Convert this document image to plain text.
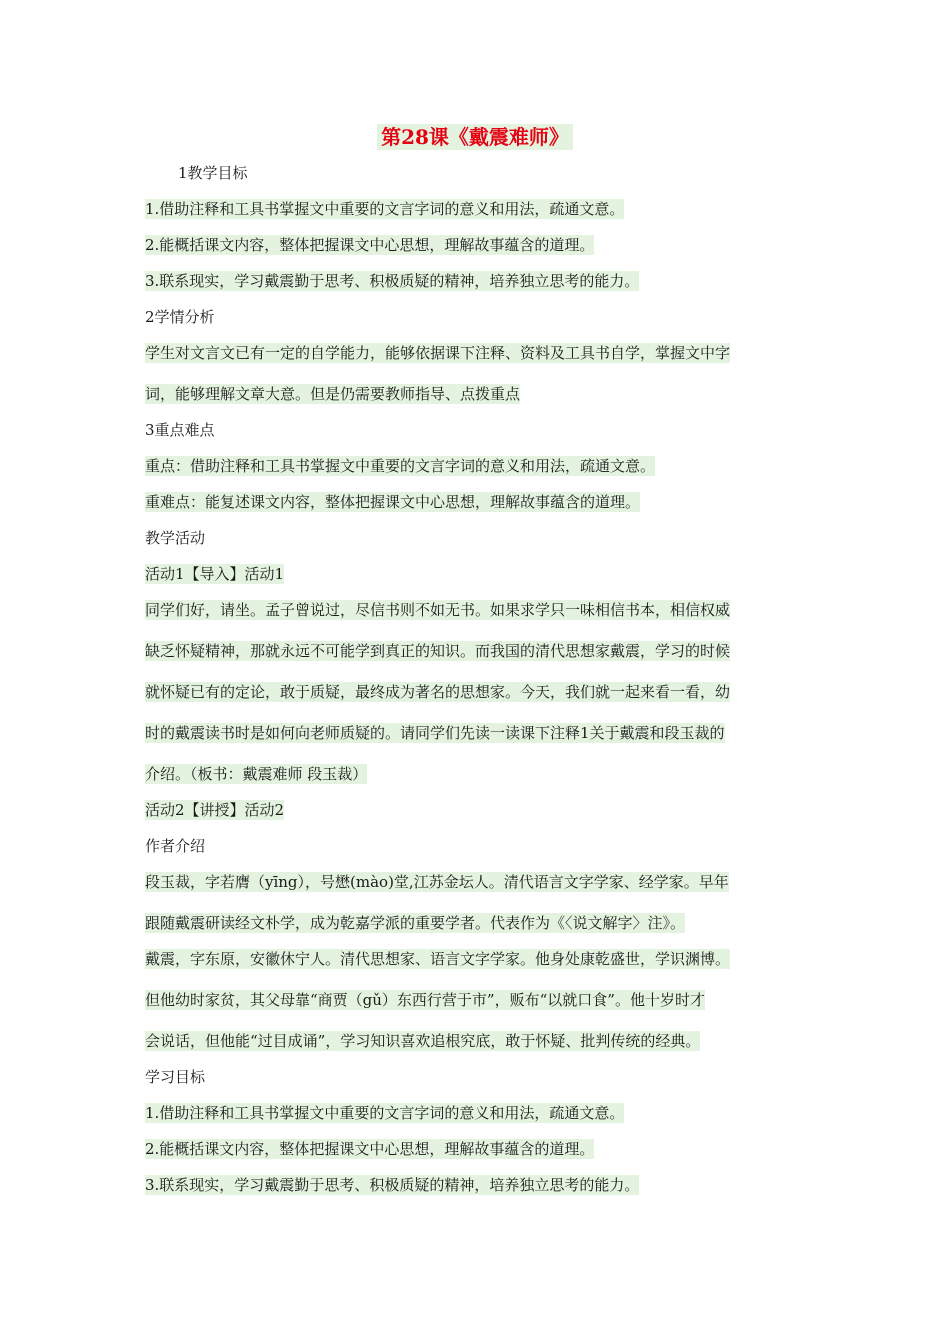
第28课《戴震难师》
1教学目标
1.借助注释和工具书掌握文中重要的文言字词的意义和用法，疏通文意。
2.能概括课文内容，整体把握课文中心思想，理解故事蕴含的道理。
3.联系现实，学习戴震勤于思考、积极质疑的精神，培养独立思考的能力。
2学情分析
学生对文言文已有一定的自学能力，能够依据课下注释、资料及工具书自学，掌握文中字
词，能够理解文章大意。但是仍需要教师指导、点拨重点
3重点难点
重点：借助注释和工具书掌握文中重要的文言字词的意义和用法，疏通文意。
重难点：能复述课文内容，整体把握课文中心思想，理解故事蕴含的道理。
教学活动
活动1【导入】活动1
同学们好，请坐。孟子曾说过，尽信书则不如无书。如果求学只一味相信书本，相信权威
缺乏怀疑精神，那就永远不可能学到真正的知识。而我国的清代思想家戴震，学习的时候
就怀疑已有的定论，敢于质疑，最终成为著名的思想家。今天，我们就一起来看一看，幼
时的戴震读书时是如何向老师质疑的。请同学们先读一读课下注释1关于戴震和段玉裁的
介绍。（板书：戴震难师 段玉裁）
活动2【讲授】活动2
作者介绍
段玉裁，字若膺（yīng），号懋(mào)堂,江苏金坛人。清代语言文字学家、经学家。早年
跟随戴震研读经文朴学，成为乾嘉学派的重要学者。代表作为《〈说文解字〉注》。
戴震，字东原，安徽休宁人。清代思想家、语言文字学家。他身处康乾盛世，学识渊博。
但他幼时家贫，其父母靠“商贾（gǔ）东西行营于市”，贩布“以就口食”。他十岁时才
会说话，但他能“过目成诵”，学习知识喜欢追根究底，敢于怀疑、批判传统的经典。
学习目标
1.借助注释和工具书掌握文中重要的文言字词的意义和用法，疏通文意。
2.能概括课文内容，整体把握课文中心思想，理解故事蕴含的道理。
3.联系现实，学习戴震勤于思考、积极质疑的精神，培养独立思考的能力。
